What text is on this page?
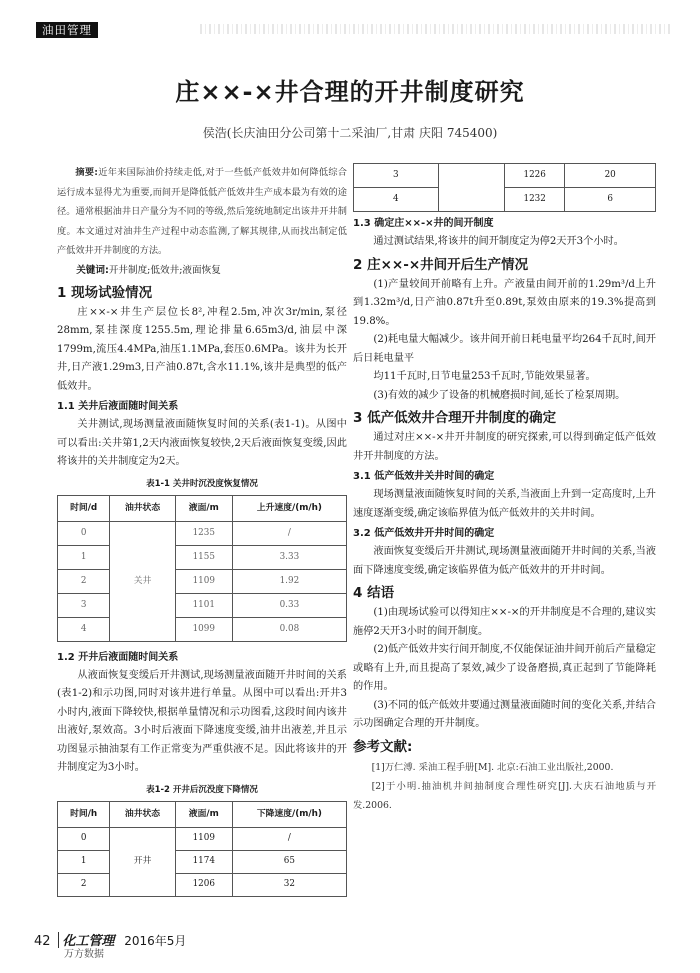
油田管理
庄××-×井合理的开井制度研究
侯浩(长庆油田分公司第十二采油厂,甘肃 庆阳 745400)

摘要:近年来国际油价持续走低,对于一些低产低效井如何降低综合运行成本显得尤为重要,而间开是降低低产低效井生产成本最为有效的途径。通常根据油井日产量分为不同的等级,然后笼统地制定出该井开井制度。本文通过对油井生产过程中动态监测,了解其规律,从而找出制定低产低效井开井制度的方法。

关键词:开井制度;低效井;液面恢复

1 现场试验情况

庄××-×井生产层位长8²,冲程2.5m,冲次3r/min,泵径28mm,泵挂深度1255.5m,理论排量6.65m3/d,油层中深1799m,流压4.4MPa,油压1.1MPa,套压0.6MPa。该井为长开井,日产液1.29m3,日产油0.87t,含水11.1%,该井是典型的低产低效井。

1.1 关井后液面随时间关系

关井测试,现场测量液面随恢复时间的关系(表1-1)。从图中可以看出:关井第1,2天内液面恢复较快,2天后液面恢复变缓,因此将该井的关井制度定为2天。

表1-1 关井时沉没度恢复情况
时间/d	油井状态	液面/m	上升速度/(m/h)
0	关井	1235	/
1		1155	3.33
2		1109	1.92
3		1101	0.33
4		1099	0.08
1.2 开井后液面随时间关系

从液面恢复变缓后开井测试,现场测量液面随开井时间的关系(表1-2)和示功图,同时对该井进行单量。从图中可以看出:开井3小时内,液面下降较快,根据单量情况和示功图看,这段时间内该井出液好,泵效高。3小时后液面下降速度变缓,油井出液差,并且示功图显示抽油泵有工作正常变为严重供液不足。因此将该井的开井制度定为3小时。

表1-2 开井后沉没度下降情况
时间/h	油井状态	液面/m	下降速度/(m/h)
0	开井	1109	/
1		1174	65
2		1206	32
3		1226	20
4		1232	6
1.3 确定庄××-×井的间开制度

通过测试结果,将该井的间开制度定为停2天开3个小时。

2 庄××-×井间开后生产情况

(1)产量较间开前略有上升。产液量由间开前的1.29m³/d上升到1.32m³/d,日产油0.87t升至0.89t,泵效由原来的19.3%提高到19.8%。

(2)耗电量大幅减少。该井间开前日耗电量平均264千瓦时,间开后日耗电量平

均11千瓦时,日节电量253千瓦时,节能效果显著。

(3)有效的减少了设备的机械磨损时间,延长了检泵周期。

3 低产低效井合理开井制度的确定

通过对庄××-×井开井制度的研究探索,可以得到确定低产低效井开井制度的方法。

3.1 低产低效井关井时间的确定

现场测量液面随恢复时间的关系,当液面上升到一定高度时,上升速度逐渐变缓,确定该临界值为低产低效井的关井时间。

3.2 低产低效井开井时间的确定

液面恢复变缓后开井测试,现场测量液面随开井时间的关系,当液面下降速度变缓,确定该临界值为低产低效井的开井时间。

4 结语

(1)由现场试验可以得知庄××-×的开井制度是不合理的,建议实施停2天开3小时的间开制度。

(2)低产低效井实行间开制度,不仅能保证油井间开前后产量稳定或略有上升,而且提高了泵效,减少了设备磨损,真正起到了节能降耗的作用。

(3)不同的低产低效井要通过测量液面随时间的变化关系,并结合示功图确定合理的开井制度。

参考文献:

[1]万仁溥. 采油工程手册[M]. 北京:石油工业出版社,2000.

[2]于小明.抽油机井间抽制度合理性研究[J].大庆石油地质与开发.2006.

42 化工管理 2016年5月
万方数据
